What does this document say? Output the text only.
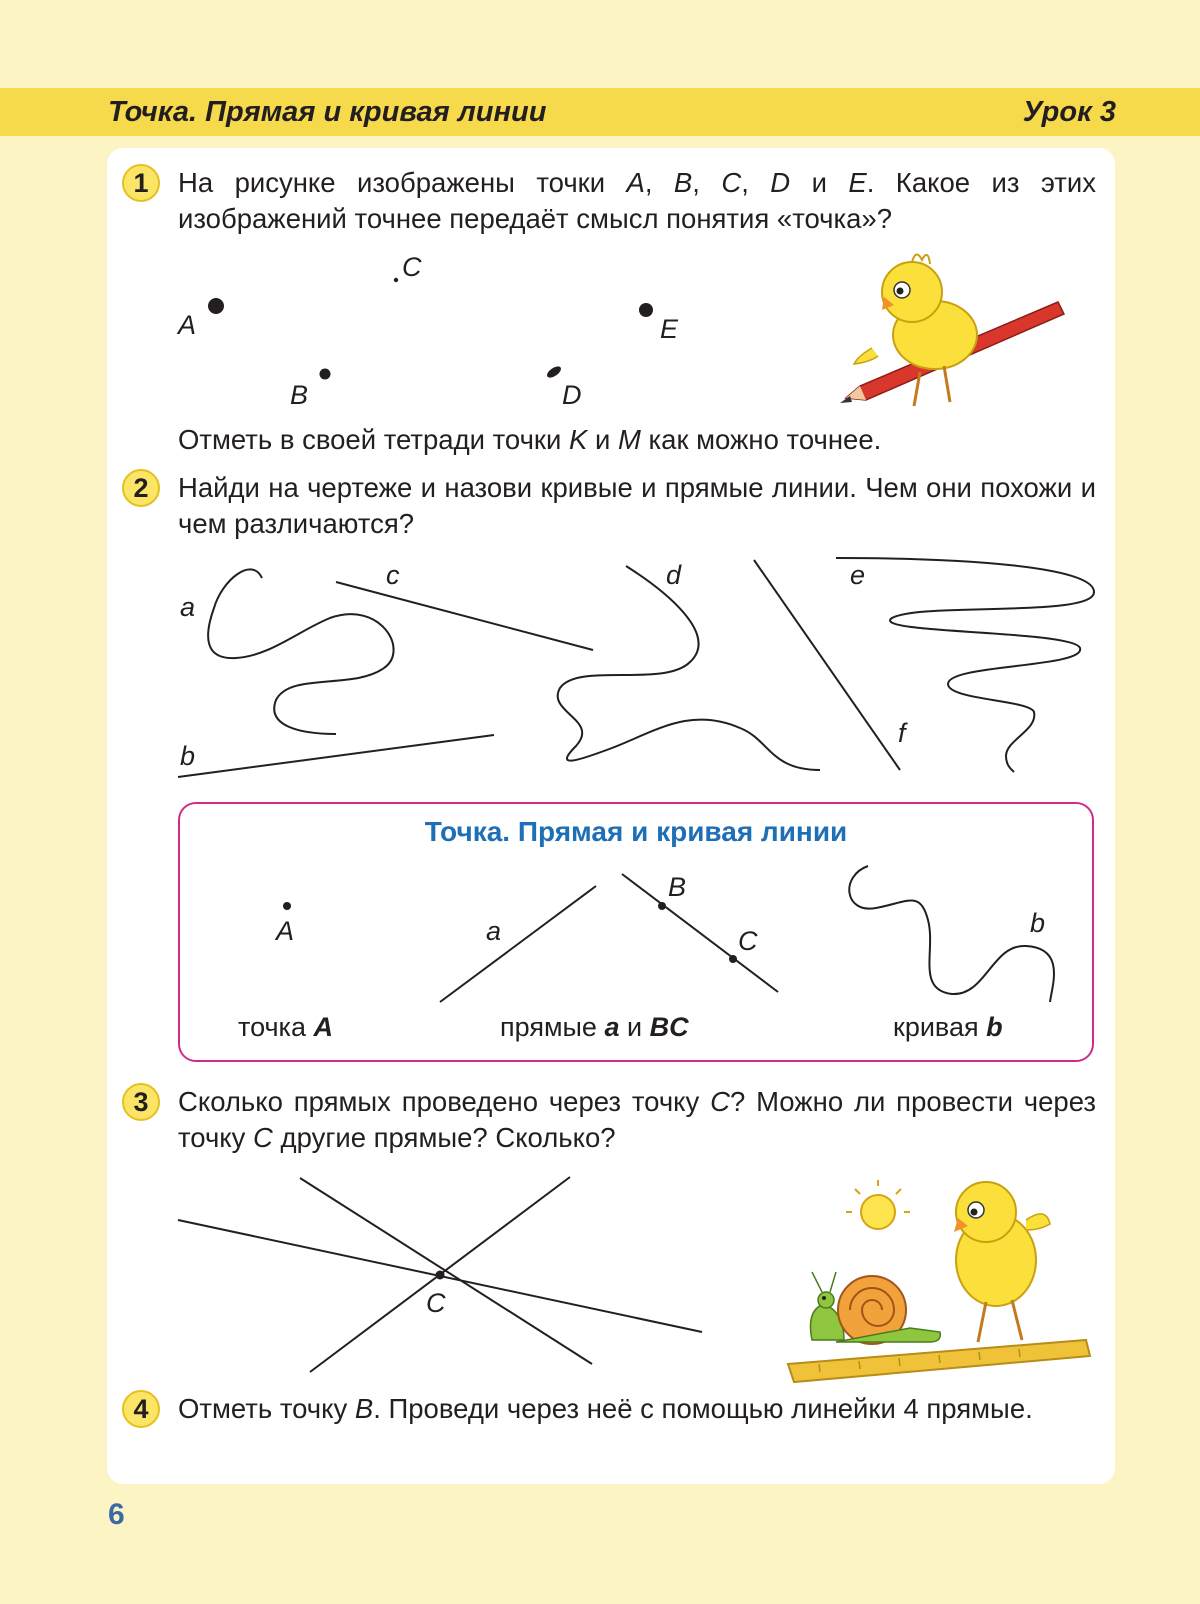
Точка. Прямая и кривая линии	Урок 3
1	На рисунке изображены точки A, B, C, D и E. Какое из этих изображений точнее передаёт смысл понятия «точка»?

Отметь в своей тетради точки K и M как можно точнее.

2	Найди на чертеже и назови кривые и прямые линии. Чем они похожи и чем различаются?

Точка. Прямая и кривая линии
точка A	прямые a и BC	кривая b
3	Сколько прямых проведено через точку C? Можно ли провести через точку C другие прямые? Сколько?

4	Отметь точку B. Проведи через неё с помощью линейки 4 прямые.

6
A
B
C
D
E
a
b
c	d	e
f
A	a
B
C
b
C
